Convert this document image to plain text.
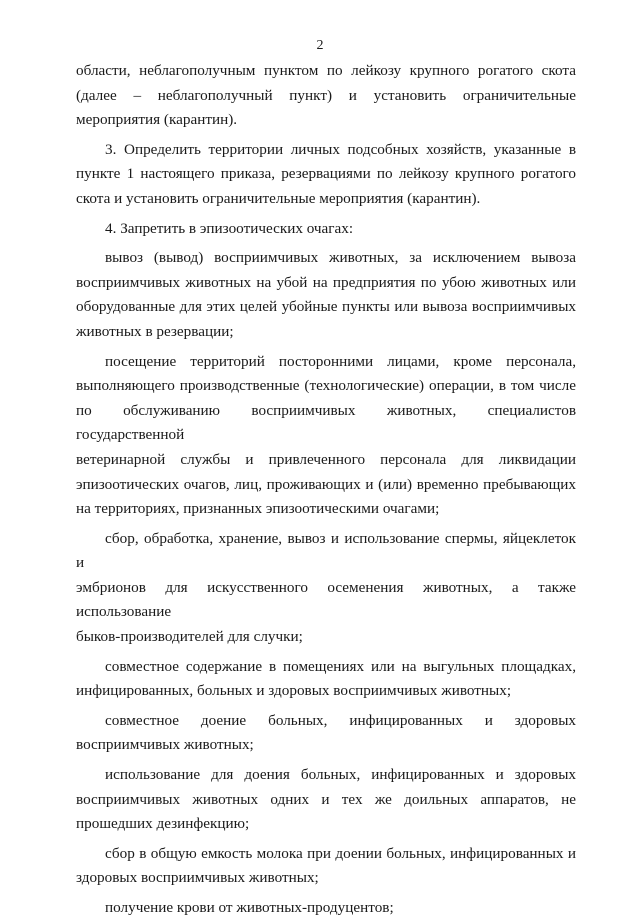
2

области, неблагополучным пунктом по лейкозу крупного рогатого скота
(далее – неблагополучный пункт) и установить ограничительные
мероприятия (карантин).

3. Определить территории личных подсобных хозяйств, указанные в
пункте 1 настоящего приказа, резервациями по лейкозу крупного рогатого
скота и установить ограничительные мероприятия (карантин).

4. Запретить в эпизоотических очагах:

вывоз (вывод) восприимчивых животных, за исключением вывоза
восприимчивых животных на убой на предприятия по убою животных или
оборудованные для этих целей убойные пункты или вывоза восприимчивых
животных в резервации;

посещение территорий посторонними лицами, кроме персонала,
выполняющего производственные (технологические) операции, в том числе
по обслуживанию восприимчивых животных, специалистов государственной
ветеринарной службы и привлеченного персонала для ликвидации
эпизоотических очагов, лиц, проживающих и (или) временно пребывающих
на территориях, признанных эпизоотическими очагами;

сбор, обработка, хранение, вывоз и использование спермы, яйцеклеток и
эмбрионов для искусственного осеменения животных, а также использование
быков-производителей для случки;

совместное содержание в помещениях или на выгульных площадках,
инфицированных, больных и здоровых восприимчивых животных;

совместное доение больных, инфицированных и здоровых
восприимчивых животных;

использование для доения больных, инфицированных и здоровых
восприимчивых животных одних и тех же доильных аппаратов, не
прошедших дезинфекцию;

сбор в общую емкость молока при доении больных, инфицированных и
здоровых восприимчивых животных;

получение крови от животных-продуцентов;
